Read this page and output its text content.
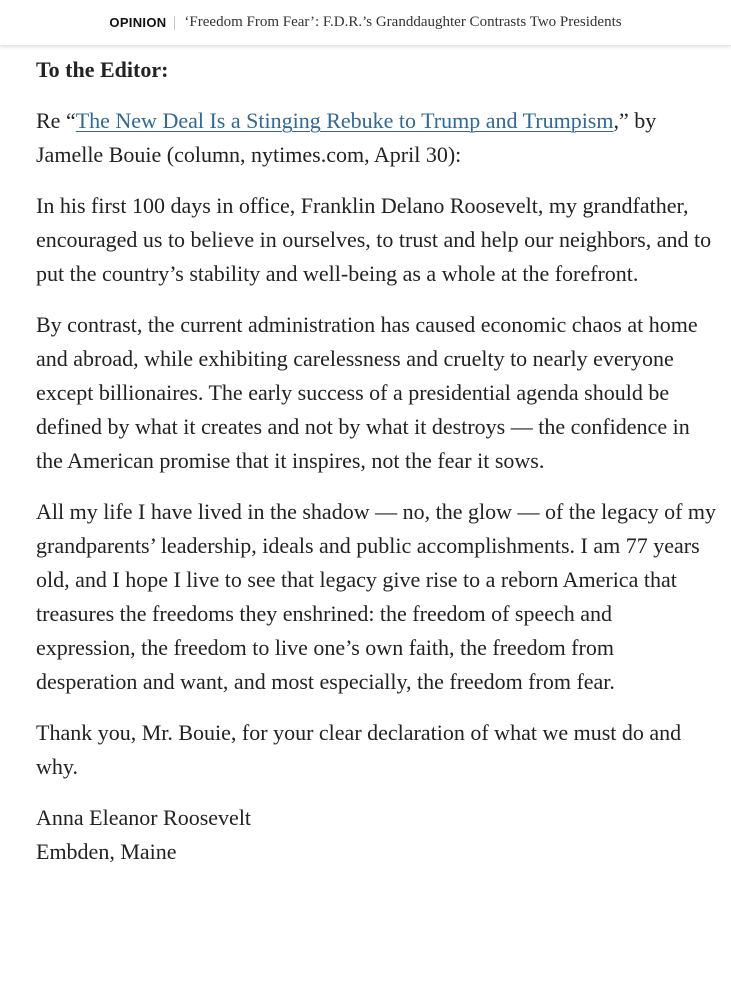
OPINION ‘Freedom From Fear’: F.D.R.’s Granddaughter Contrasts Two Presidents

To the Editor:

Re “The New Deal Is a Stinging Rebuke to Trump and Trumpism,” by Jamelle Bouie (column, nytimes.com, April 30):

In his first 100 days in office, Franklin Delano Roosevelt, my grandfather, encouraged us to believe in ourselves, to trust and help our neighbors, and to put the country’s stability and well-being as a whole at the forefront.

By contrast, the current administration has caused economic chaos at home and abroad, while exhibiting carelessness and cruelty to nearly everyone except billionaires. The early success of a presidential agenda should be defined by what it creates and not by what it destroys — the confidence in the American promise that it inspires, not the fear it sows.

All my life I have lived in the shadow — no, the glow — of the legacy of my grandparents’ leadership, ideals and public accomplishments. I am 77 years old, and I hope I live to see that legacy give rise to a reborn America that treasures the freedoms they enshrined: the freedom of speech and expression, the freedom to live one’s own faith, the freedom from desperation and want, and most especially, the freedom from fear.

Thank you, Mr. Bouie, for your clear declaration of what we must do and why.

Anna Eleanor Roosevelt

Embden, Maine
